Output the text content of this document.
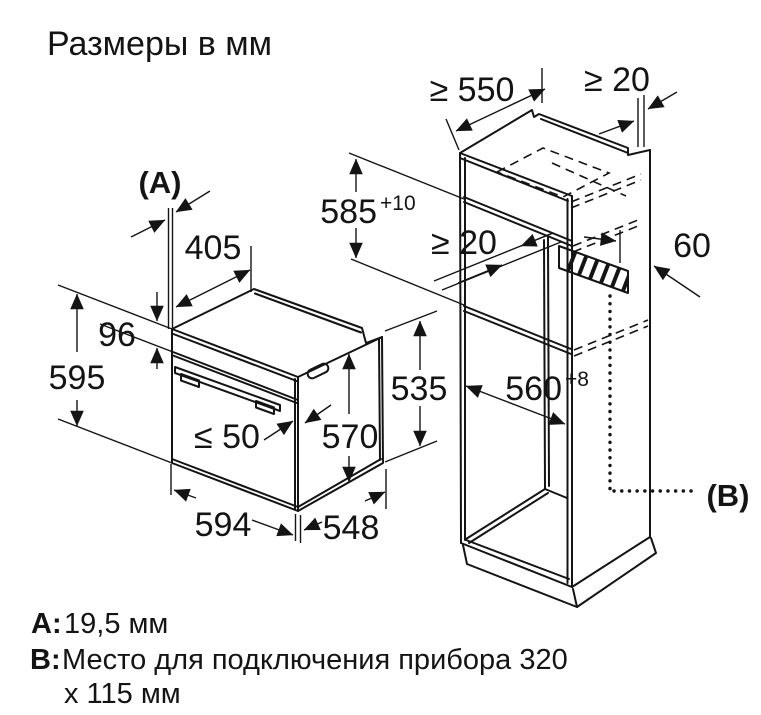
Размеры в мм
(A)
405
96
595
≤ 50 570
594 548
535
≥ 550 ≥ 20
585 +10
≥ 20	60
560 +8
(B)
A: 19,5 мм
B: Место для подключения прибора 320
х 115 мм
